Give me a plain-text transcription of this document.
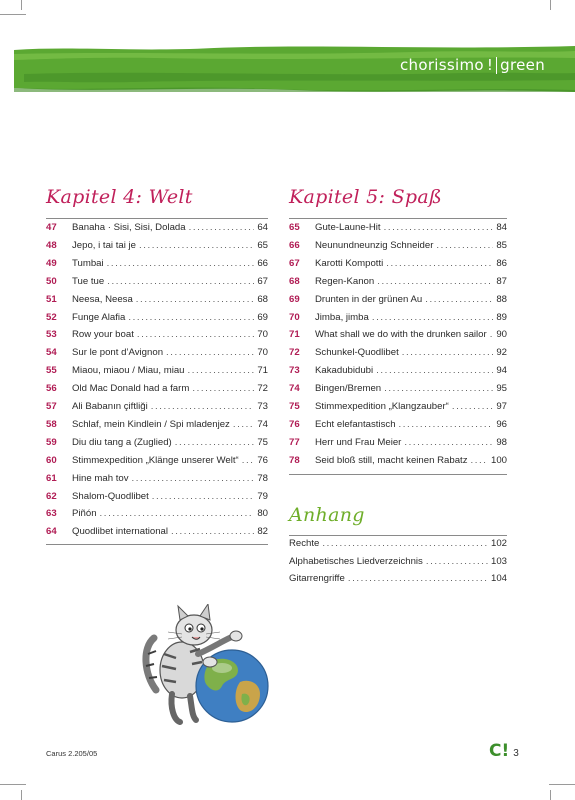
chorissimo ! green
Kapitel 4: Welt
47	Banaha · Sisi, Sisi, Dolada .....	64
48	Jepo, i tai tai je .....	65
49	Tumbai .....	66
50	Tue tue .....	67
51	Neesa, Neesa .....	68
52	Funge Alafia .....	69
53	Row your boat .....	70
54	Sur le pont d’Avignon .....	70
55	Miaou, miaou / Miau, miau .....	71
56	Old Mac Donald had a farm .....	72
57	Ali Babanın çiftliği .....	73
58	Schlaf, mein Kindlein / Spi mladenjez .....	74
59	Diu diu tang a (Zuglied) .....	75
60	Stimmexpedition „Klänge unserer Welt“ ..... 76
61	Hine mah tov .....	78
62	Shalom-Quodlibet .....	79
63	Piñón .....	80
64	Quodlibet international .....	82
Kapitel 5: Spaß
65	Gute-Laune-Hit .....	84
66	Neunundneunzig Schneider .....	85
67	Karotti Kompotti .....	86
68	Regen-Kanon .....	87
69	Drunten in der grünen Au .....	88
70	Jimba, jimba .....	89
71	What shall we do with the drunken sailor ..... 90
72	Schunkel-Quodlibet .....	92
73	Kakadubidubi .....	94
74	Bingen/Bremen .....	95
75	Stimmexpedition „Klangzauber“ .....	97
76	Echt elefantastisch .....	96
77	Herr und Frau Meier .....	98
78	Seid bloß still, macht keinen Rabatz ..... 100
Anhang
Rechte .....	102
Alphabetisches Liedverzeichnis .....	103
Gitarrengriffe .....	104
Carus 2.205/05	C! 3
